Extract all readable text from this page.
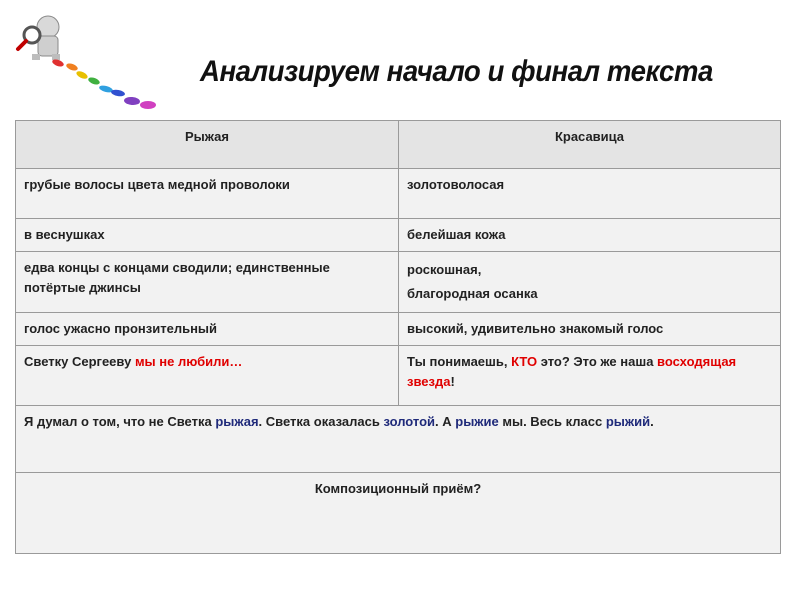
Анализируем начало и финал текста
Рыжая	Красавица
грубые волосы цвета медной проволоки	золотоволосая
в веснушках	белейшая кожа
едва концы с концами сводили; единственные потёртые джинсы	роскошная,
благородная осанка

голос ужасно пронзительный	высокий, удивительно знакомый голос
Светку Сергееву мы не любили…	Ты понимаешь, КТО это? Это же наша восходящая звезда!
Я думал о том, что не Светка рыжая. Светка оказалась золотой. А рыжие мы. Весь класс рыжий.	
Композиционный приём?	
